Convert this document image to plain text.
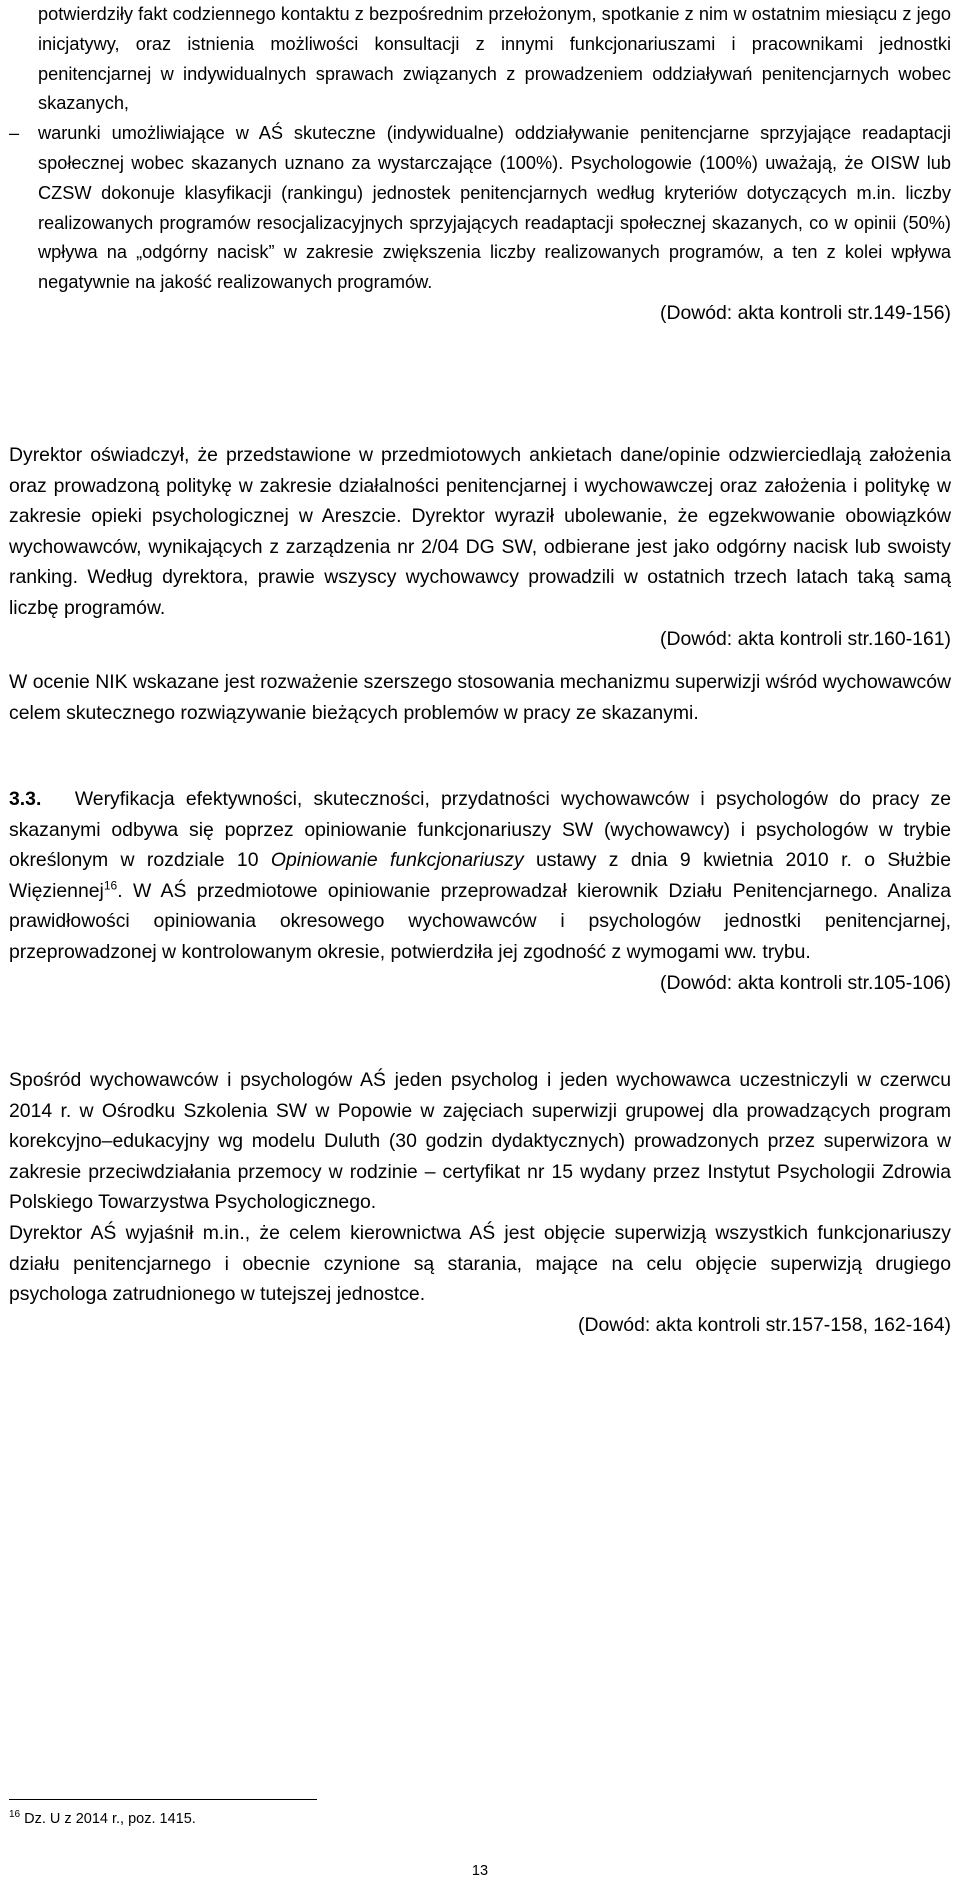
potwierdziły fakt codziennego kontaktu z bezpośrednim przełożonym, spotkanie z nim w ostatnim miesiącu z jego inicjatywy, oraz istnienia możliwości konsultacji z innymi funkcjonariuszami i pracownikami jednostki penitencjarnej w indywidualnych sprawach związanych z prowadzeniem oddziaływań penitencjarnych wobec skazanych,

– warunki umożliwiające w AŚ skuteczne (indywidualne) oddziaływanie penitencjarne sprzyjające readaptacji społecznej wobec skazanych uznano za wystarczające (100%). Psychologowie (100%) uważają, że OISW lub CZSW dokonuje klasyfikacji (rankingu) jednostek penitencjarnych według kryteriów dotyczących m.in. liczby realizowanych programów resocjalizacyjnych sprzyjających readaptacji społecznej skazanych, co w opinii (50%) wpływa na „odgórny nacisk” w zakresie zwiększenia liczby realizowanych programów, a ten z kolei wpływa negatywnie na jakość realizowanych programów.

(Dowód: akta kontroli str.149-156)

Dyrektor oświadczył, że przedstawione w przedmiotowych ankietach dane/opinie odzwierciedlają założenia oraz prowadzoną politykę w zakresie działalności penitencjarnej i wychowawczej oraz założenia i politykę w zakresie opieki psychologicznej w Areszcie. Dyrektor wyraził ubolewanie, że egzekwowanie obowiązków wychowawców, wynikających z zarządzenia nr 2/04 DG SW, odbierane jest jako odgórny nacisk lub swoisty ranking. Według dyrektora, prawie wszyscy wychowawcy prowadzili w ostatnich trzech latach taką samą liczbę programów.

(Dowód: akta kontroli str.160-161)

W ocenie NIK wskazane jest rozważenie szerszego stosowania mechanizmu superwizji wśród wychowawców celem skutecznego rozwiązywanie bieżących problemów w pracy ze skazanymi.

3.3. Weryfikacja efektywności, skuteczności, przydatności wychowawców i psychologów do pracy ze skazanymi odbywa się poprzez opiniowanie funkcjonariuszy SW (wychowawcy) i psychologów w trybie określonym w rozdziale 10 Opiniowanie funkcjonariuszy ustawy z dnia 9 kwietnia 2010 r. o Służbie Więziennej$^{16}$. W AŚ przedmiotowe opiniowanie przeprowadzał kierownik Działu Penitencjarnego. Analiza prawidłowości opiniowania okresowego wychowawców i psychologów jednostki penitencjarnej, przeprowadzonej w kontrolowanym okresie, potwierdziła jej zgodność z wymogami ww. trybu.

(Dowód: akta kontroli str.105-106)

Spośród wychowawców i psychologów AŚ jeden psycholog i jeden wychowawca uczestniczyli w czerwcu 2014 r. w Ośrodku Szkolenia SW w Popowie w zajęciach superwizji grupowej dla prowadzących program korekcyjno–edukacyjny wg modelu Duluth (30 godzin dydaktycznych) prowadzonych przez superwizora w zakresie przeciwdziałania przemocy w rodzinie – certyfikat nr 15 wydany przez Instytut Psychologii Zdrowia Polskiego Towarzystwa Psychologicznego.

Dyrektor AŚ wyjaśnił m.in., że celem kierownictwa AŚ jest objęcie superwizją wszystkich funkcjonariuszy działu penitencjarnego i obecnie czynione są starania, mające na celu objęcie superwizją drugiego psychologa zatrudnionego w tutejszej jednostce.

(Dowód: akta kontroli str.157-158, 162-164)

$^{16}$ Dz. U z 2014 r., poz. 1415.
13
